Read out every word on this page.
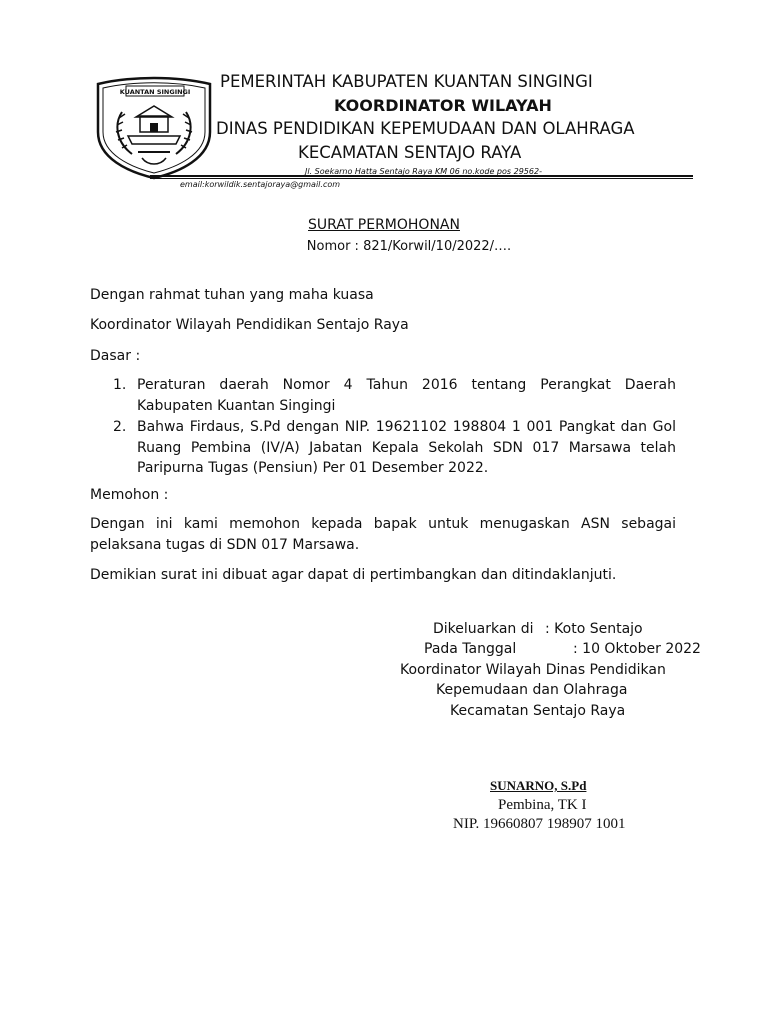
KUANTAN SINGINGI
PEMERINTAH KABUPATEN KUANTAN SINGINGI
KOORDINATOR WILAYAH
DINAS PENDIDIKAN KEPEMUDAAN DAN OLAHRAGA
KECAMATAN SENTAJO RAYA
Jl. Soekarno Hatta Sentajo Raya KM 06 no.kode pos 29562-
email:korwildik.sentajoraya@gmail.com
SURAT PERMOHONAN
Nomor : 821/Korwil/10/2022/….
Dengan rahmat tuhan yang maha kuasa
Koordinator Wilayah Pendidikan Sentajo Raya
Dasar :
1. Peraturan daerah Nomor 4 Tahun 2016 tentang Perangkat Daerah Kabupaten Kuantan Singingi
2. Bahwa Firdaus, S.Pd dengan NIP. 19621102 198804 1 001 Pangkat dan Gol Ruang Pembina (IV/A) Jabatan Kepala Sekolah SDN 017 Marsawa telah Paripurna Tugas (Pensiun) Per 01 Desember 2022.
Memohon :
Dengan ini kami memohon kepada bapak untuk menugaskan ASN sebagai pelaksana tugas di SDN 017 Marsawa.
Demikian surat ini dibuat agar dapat di pertimbangkan dan ditindaklanjuti.
Dikeluarkan di : Koto Sentajo
Pada Tanggal	: 10 Oktober 2022
Koordinator Wilayah Dinas Pendidikan
Kepemudaan dan Olahraga
Kecamatan Sentajo Raya
SUNARNO, S.Pd
Pembina, TK I
NIP. 19660807 198907 1001
